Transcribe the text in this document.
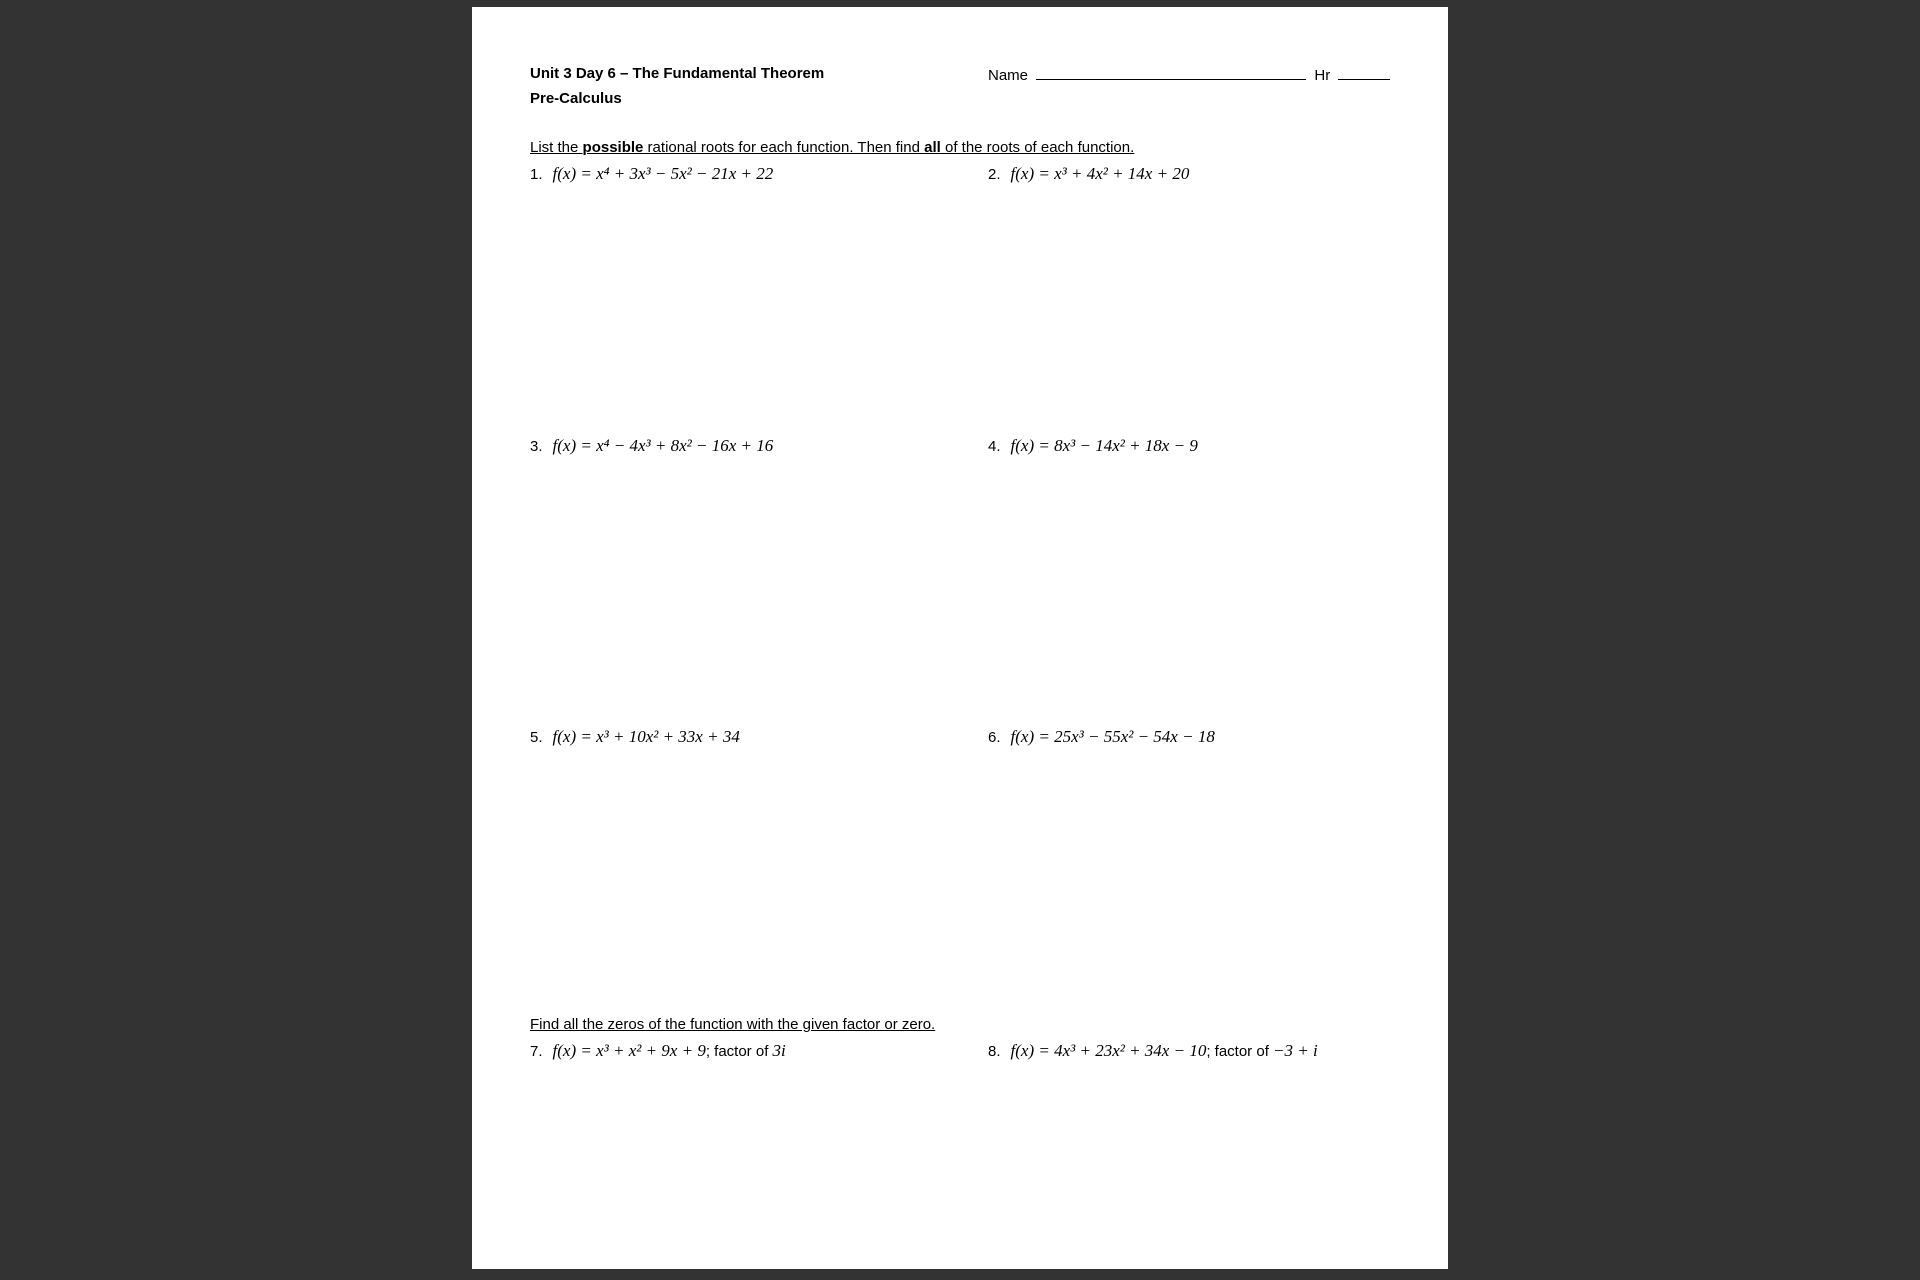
Unit 3 Day 6 – The Fundamental Theorem
Pre-Calculus
Name	Hr
List the possible rational roots for each function. Then find all of the roots of each function.
1. f(x) = x⁴ + 3x³ − 5x² − 21x + 22	2. f(x) = x³ + 4x² + 14x + 20
3. f(x) = x⁴ − 4x³ + 8x² − 16x + 16	4. f(x) = 8x³ − 14x² + 18x − 9
5. f(x) = x³ + 10x² + 33x + 34	6. f(x) = 25x³ − 55x² − 54x − 18
Find all the zeros of the function with the given factor or zero.
7. f(x) = x³ + x² + 9x + 9; factor of 3i	8. f(x) = 4x³ + 23x² + 34x − 10; factor of −3 + i
